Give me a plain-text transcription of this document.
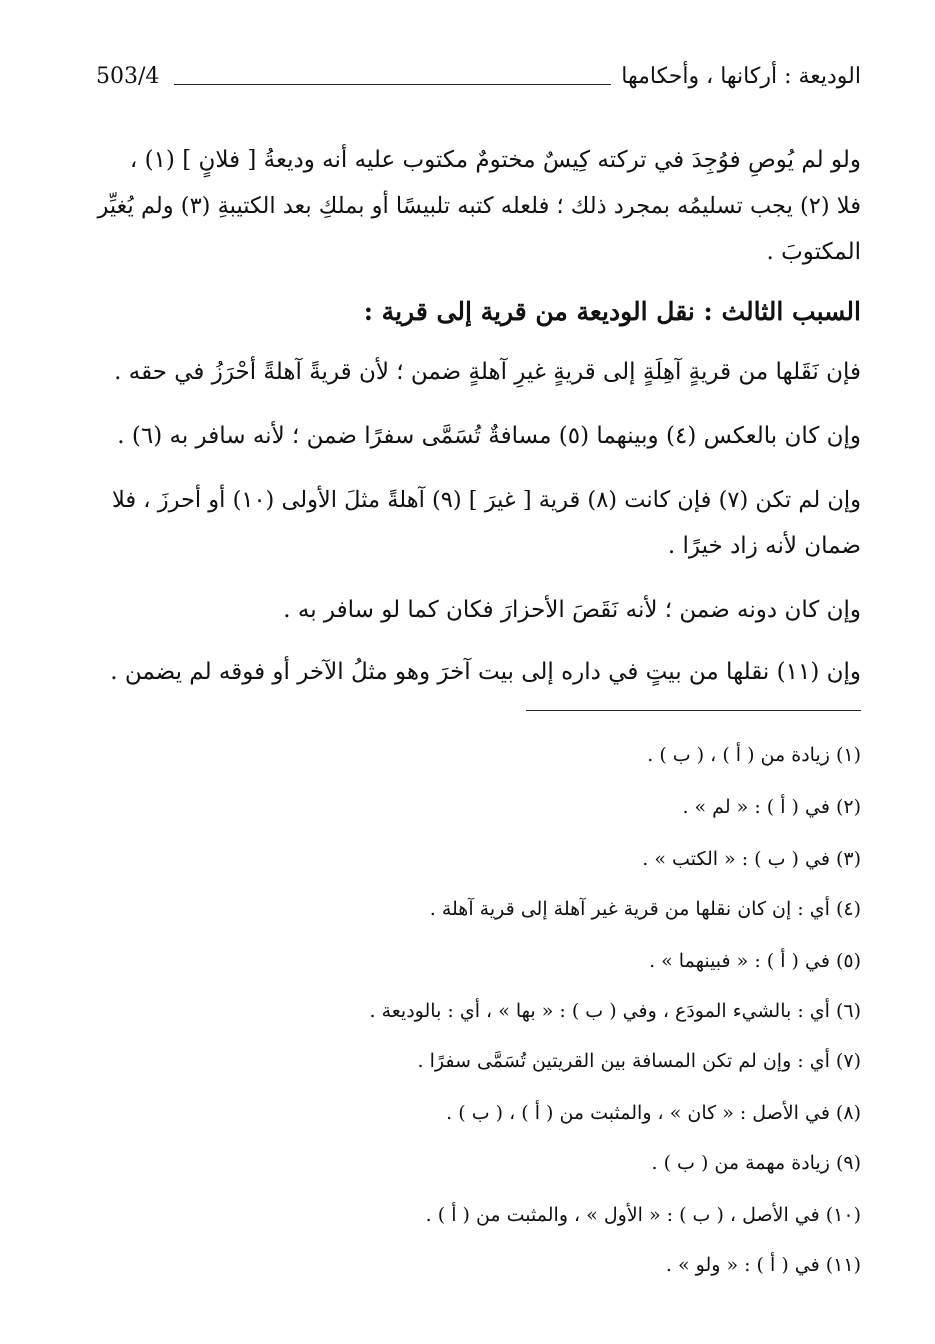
الوديعة : أركانها ، وأحكامها
503/4
ولو لم يُوصِ فوُجِدَ في تركته كِيسٌ مختومٌ مكتوب عليه أنه وديعةُ [ فلانٍ ] (١) ،
فلا (٢) يجب تسليمُه بمجرد ذلك ؛ فلعله كتبه تلبيسًا أو بملكِ بعد الكتيبةِ (٣) ولم يُغيِّر
المكتوبَ .
السبب الثالث : نقل الوديعة من قرية إلى قرية :
فإن نَقَلها من قريةٍ آهِلَةٍ إلى قريةٍ غيرِ آهلةٍ ضمن ؛ لأن قريةً آهلةً أحْرَزُ في حقه .
وإن كان بالعكس (٤) وبينهما (٥) مسافةٌ تُسَمَّى سفرًا ضمن ؛ لأنه سافر به (٦) .
وإن لم تكن (٧) فإن كانت (٨) قرية [ غيرَ ] (٩) آهلةً مثلَ الأولى (١٠) أو أحرزَ ، فلا
ضمان لأنه زاد خيرًا .
وإن كان دونه ضمن ؛ لأنه نَقَصَ الأحزارَ فكان كما لو سافر به .
وإن (١١) نقلها من بيتٍ في داره إلى بيت آخرَ وهو مثلُ الآخر أو فوقه لم يضمن .
(١) زيادة من ( أ ) ، ( ب ) .
(٢) في ( أ ) : « لم » .
(٣) في ( ب ) : « الكتب » .
(٤) أي : إن كان نقلها من قرية غير آهلة إلى قرية آهلة .
(٥) في ( أ ) : « فبينهما » .
(٦) أي : بالشيء المودَع ، وفي ( ب ) : « بها » ، أي : بالوديعة .
(٧) أي : وإن لم تكن المسافة بين القريتين تُسَمَّى سفرًا .
(٨) في الأصل : « كان » ، والمثبت من ( أ ) ، ( ب ) .
(٩) زيادة مهمة من ( ب ) .
(١٠) في الأصل ، ( ب ) : « الأول » ، والمثبت من ( أ ) .
(١١) في ( أ ) : « ولو » .
